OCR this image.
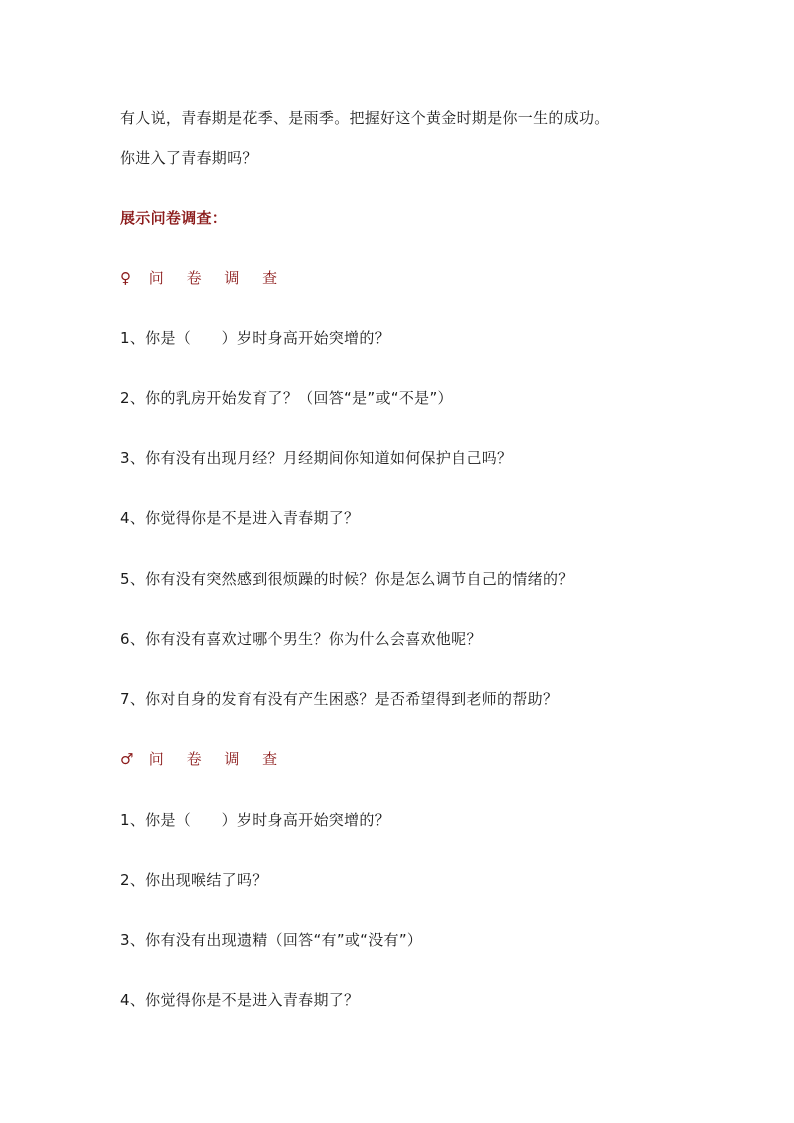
有人说，青春期是花季、是雨季。把握好这个黄金时期是你一生的成功。
你进入了青春期吗？
展示问卷调查：
♀ 问 卷 调 查
1、你是（　　）岁时身高开始突增的？
2、你的乳房开始发育了？（回答“是”或“不是”）
3、你有没有出现月经？月经期间你知道如何保护自己吗？
4、你觉得你是不是进入青春期了？
5、你有没有突然感到很烦躁的时候？你是怎么调节自己的情绪的？
6、你有没有喜欢过哪个男生？你为什么会喜欢他呢？
7、你对自身的发育有没有产生困惑？是否希望得到老师的帮助？
♂ 问 卷 调 查
1、你是（　　）岁时身高开始突增的？
2、你出现喉结了吗？
3、你有没有出现遗精（回答“有”或“没有”）
4、你觉得你是不是进入青春期了？
